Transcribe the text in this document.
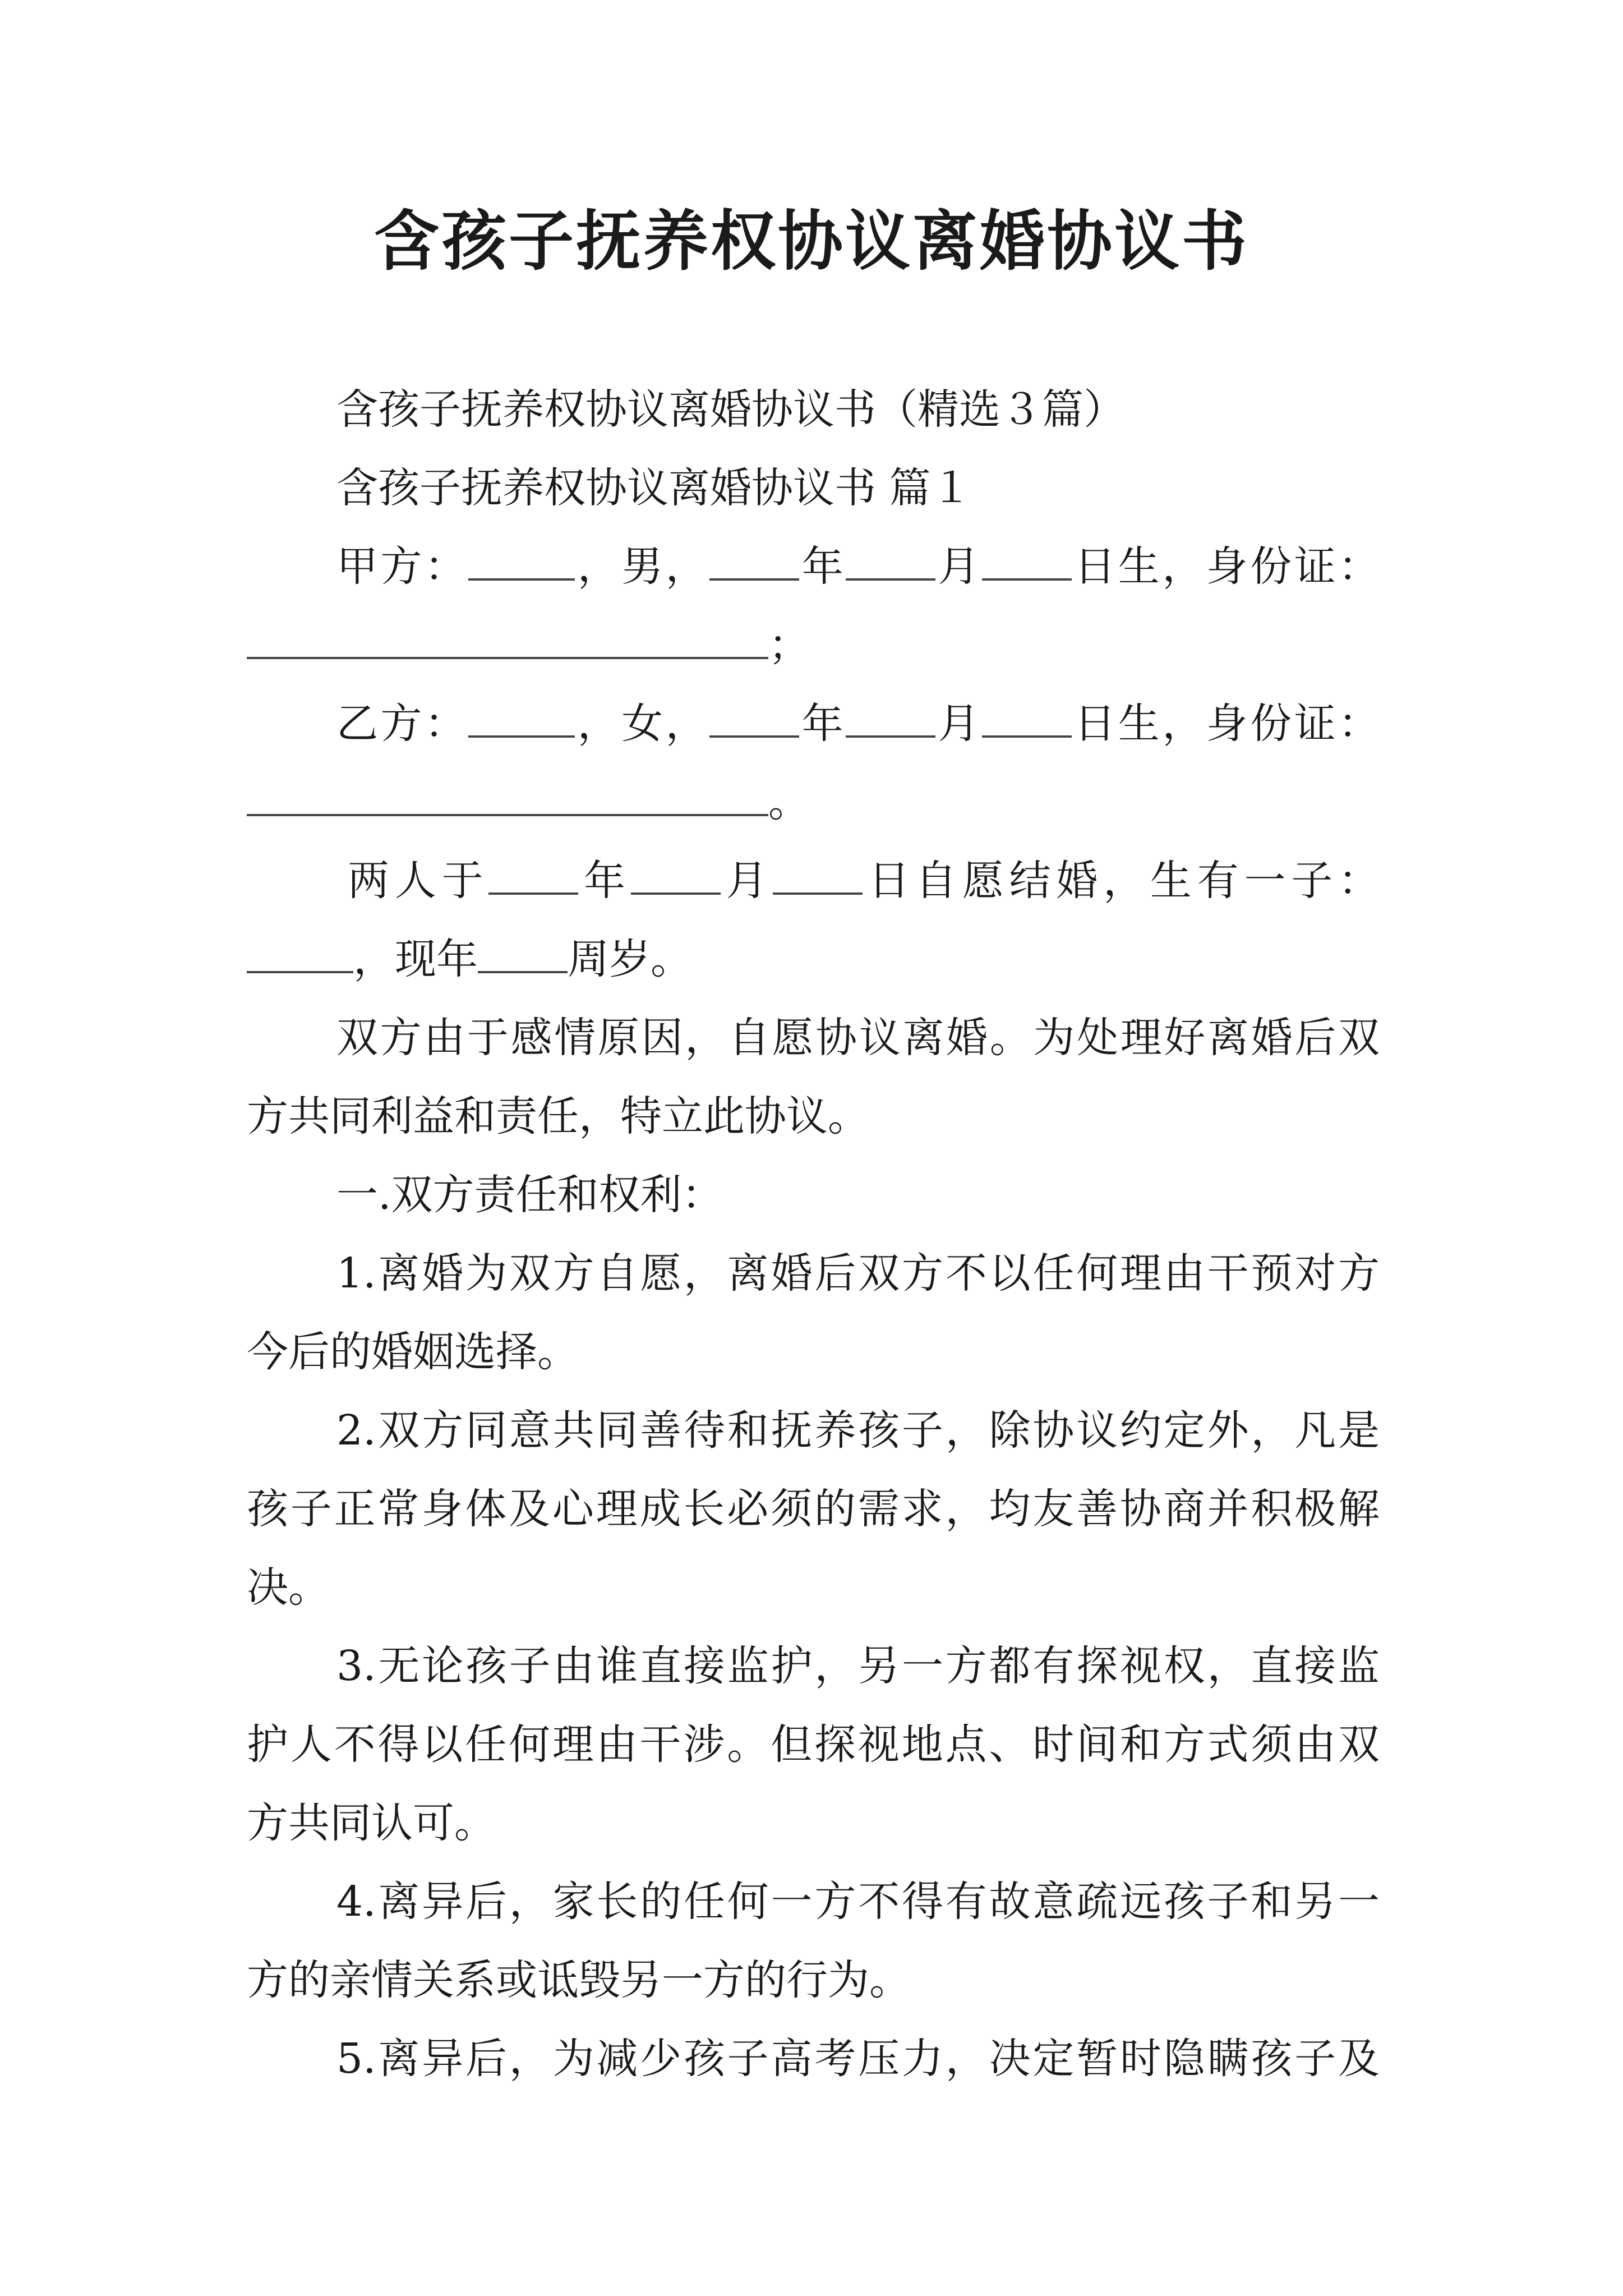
含孩子抚养权协议离婚协议书
含孩子抚养权协议离婚协议书（精选３篇）
含孩子抚养权协议离婚协议书 篇１
甲方：	，男， 年 月 日生，身份证：
；
乙方：	，女， 年 月 日生，身份证：
。
两人于 年 月 日自愿结婚，生有一子：
，现年 周岁。
双方由于感情原因，自愿协议离婚。为处理好离婚后双
方共同利益和责任，特立此协议。
一.双方责任和权利：
1.离婚为双方自愿，离婚后双方不以任何理由干预对方
今后的婚姻选择。
2.双方同意共同善待和抚养孩子，除协议约定外，凡是
孩子正常身体及心理成长必须的需求，均友善协商并积极解
决。
3.无论孩子由谁直接监护，另一方都有探视权，直接监
护人不得以任何理由干涉。但探视地点、时间和方式须由双
方共同认可。
4.离异后，家长的任何一方不得有故意疏远孩子和另一
方的亲情关系或诋毁另一方的行为。
5.离异后，为减少孩子高考压力，决定暂时隐瞒孩子及
